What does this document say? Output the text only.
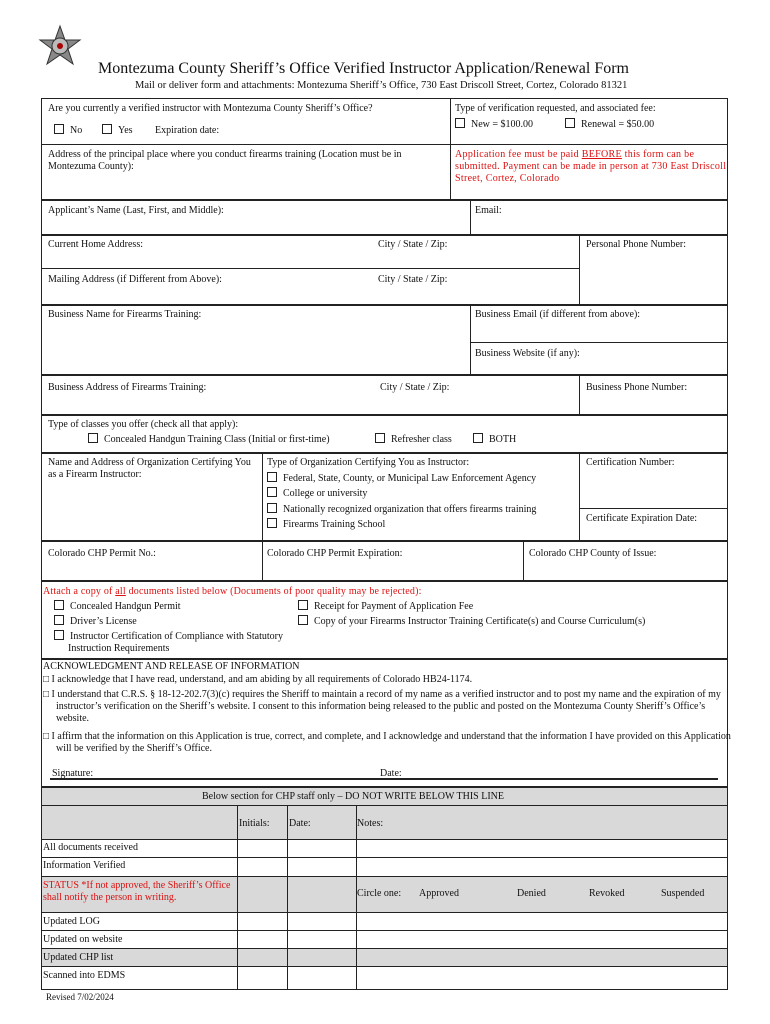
Montezuma County Sheriff’s Office Verified Instructor Application/Renewal Form
Mail or deliver form and attachments: Montezuma Sheriff’s Office, 730 East Driscoll Street, Cortez, Colorado 81321
Are you currently a verified instructor with Montezuma County Sheriff’s Office?
No	Yes Expiration date:
Type of verification requested, and associated fee:
New = $100.00	Renewal = $50.00
Address of the principal place where you conduct firearms training (Location must be in Montezuma County):
Application fee must be paid BEFORE this form can be submitted. Payment can be made in person at 730 East Driscoll Street, Cortez, Colorado
Applicant’s Name (Last, First, and Middle):	Email:
Current Home Address:	City / State / Zip:	Personal Phone Number:
Mailing Address (if Different from Above):	City / State / Zip:
Business Name for Firearms Training:	Business Email (if different from above):
Business Website (if any):
Business Address of Firearms Training:	City / State / Zip:	Business Phone Number:
Type of classes you offer (check all that apply):
Concealed Handgun Training Class (Initial or first-time)	Refresher class	BOTH
Name and Address of Organization Certifying You as a Firearm Instructor:
Type of Organization Certifying You as Instructor:
Federal, State, County, or Municipal Law Enforcement Agency
College or university
Nationally recognized organization that offers firearms training
Firearms Training School
Certification Number:
Certificate Expiration Date:
Colorado CHP Permit No.:	Colorado CHP Permit Expiration:	Colorado CHP County of Issue:
Attach a copy of all documents listed below (Documents of poor quality may be rejected):
Concealed Handgun Permit
Driver’s License
Instructor Certification of Compliance with Statutory Instruction Requirements
Receipt for Payment of Application Fee
Copy of your Firearms Instructor Training Certificate(s) and Course Curriculum(s)
ACKNOWLEDGMENT AND RELEASE OF INFORMATION
□ I acknowledge that I have read, understand, and am abiding by all requirements of Colorado HB24-1174.
□ I understand that C.R.S. § 18-12-202.7(3)(c) requires the Sheriff to maintain a record of my name as a verified instructor and to post my name and the expiration of my instructor’s verification on the Sheriff’s website. I consent to this information being released to the public and posted on the Montezuma County Sheriff’s Office’s website.
□ I affirm that the information on this Application is true, correct, and complete, and I acknowledge and understand that the information I have provided on this Application will be verified by the Sheriff’s Office.
Signature:	Date:
Below section for CHP staff only – DO NOT WRITE BELOW THIS LINE
Initials: Date:	Notes:
All documents received
Information Verified
STATUS *If not approved, the Sheriff’s Office shall notify the person in writing.	Circle one: Approved	Denied	Revoked	Suspended
Updated LOG
Updated on website
Updated CHP list
Scanned into EDMS
Revised 7/02/2024
